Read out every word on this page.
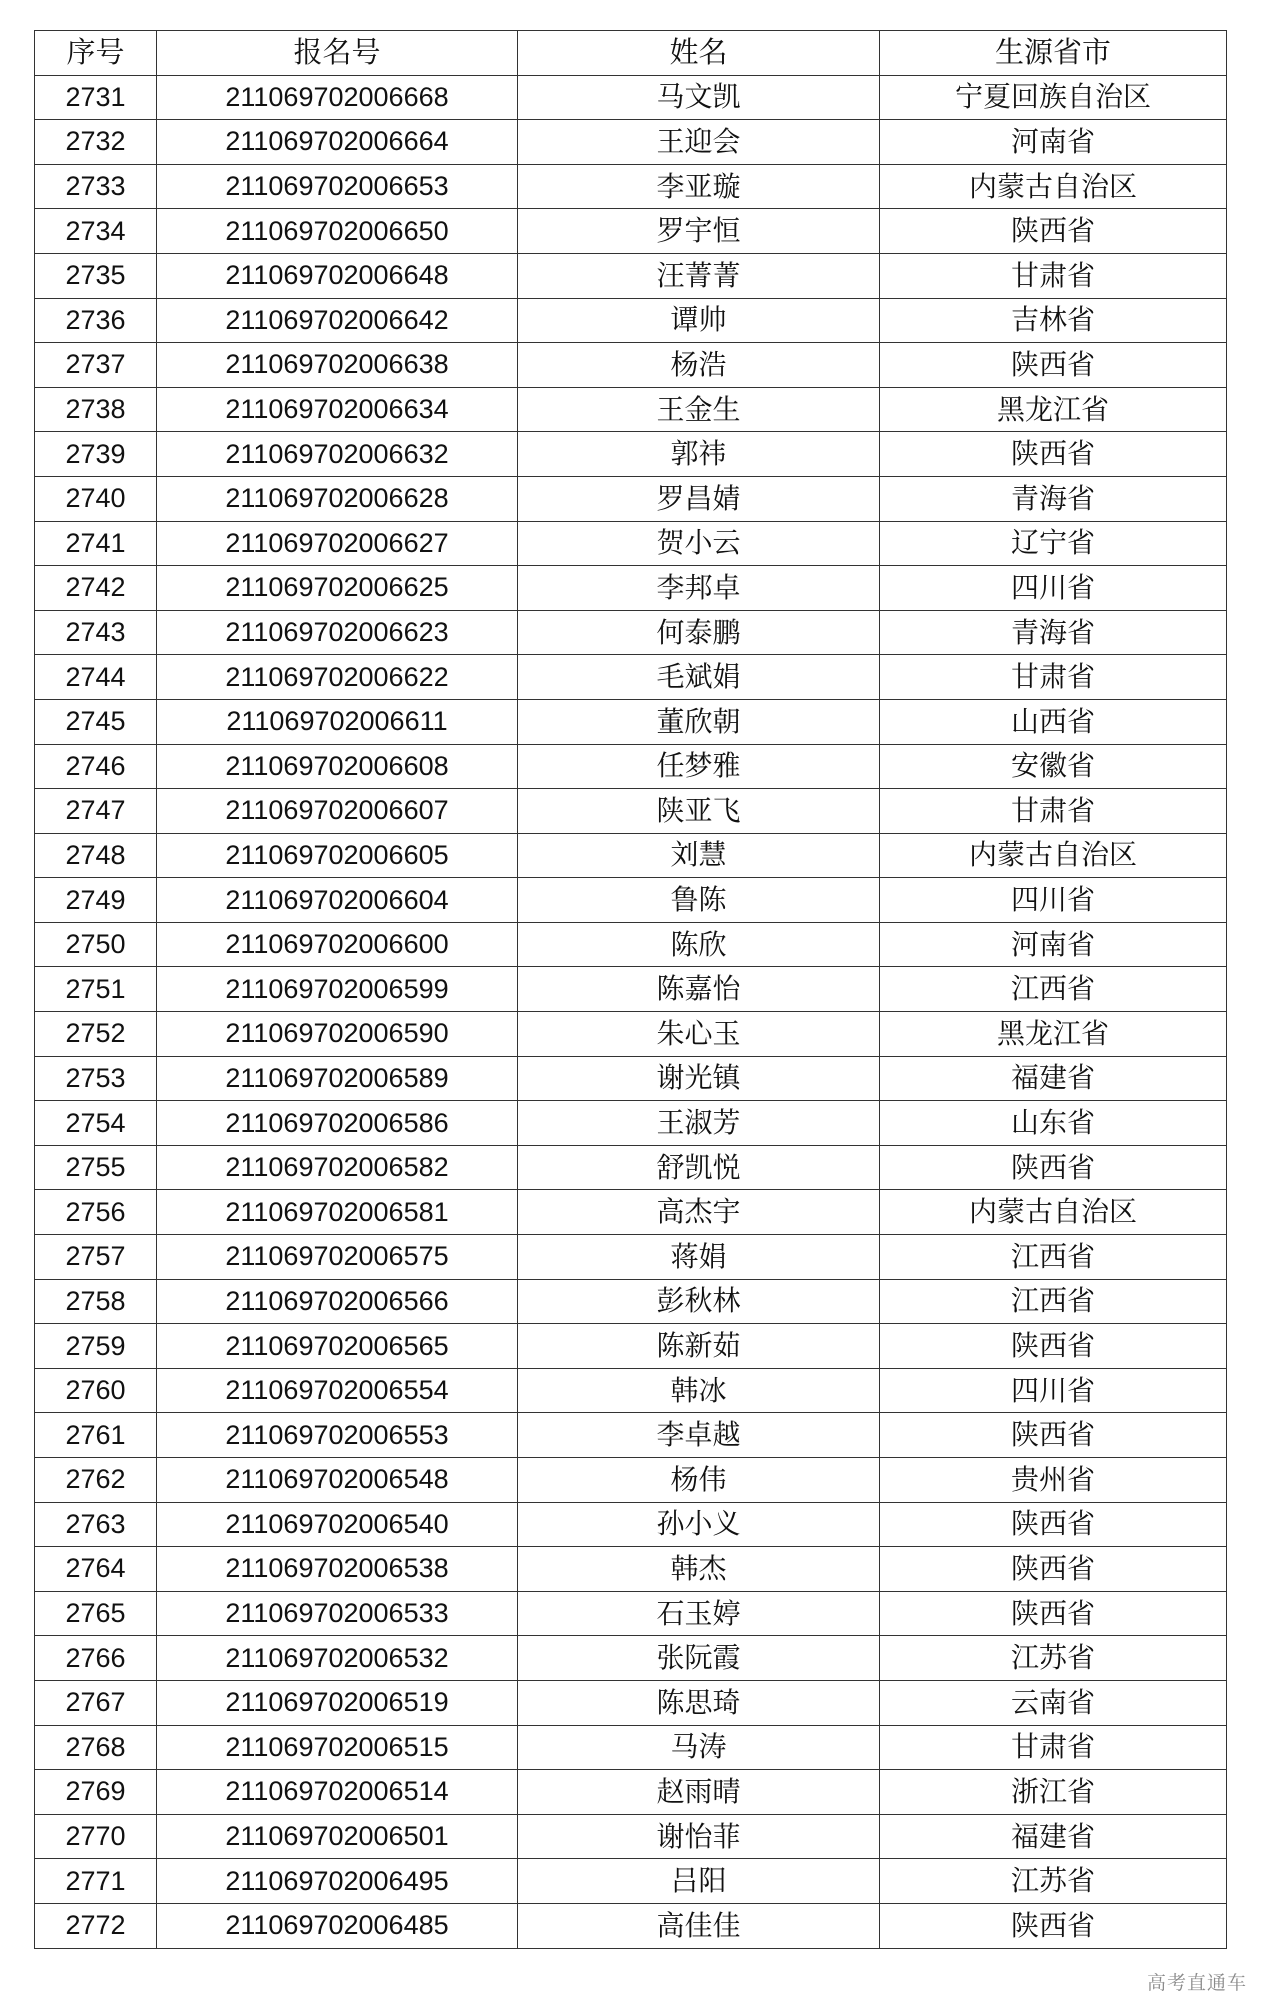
序号	报名号	姓名	生源省市
2731	211069702006668	马文凯	宁夏回族自治区
2732	211069702006664	王迎会	河南省
2733	211069702006653	李亚璇	内蒙古自治区
2734	211069702006650	罗宇恒	陕西省
2735	211069702006648	汪菁菁	甘肃省
2736	211069702006642	谭帅	吉林省
2737	211069702006638	杨浩	陕西省
2738	211069702006634	王金生	黑龙江省
2739	211069702006632	郭祎	陕西省
2740	211069702006628	罗昌婧	青海省
2741	211069702006627	贺小云	辽宁省
2742	211069702006625	李邦卓	四川省
2743	211069702006623	何泰鹏	青海省
2744	211069702006622	毛斌娟	甘肃省
2745	211069702006611	董欣朝	山西省
2746	211069702006608	任梦雅	安徽省
2747	211069702006607	陕亚飞	甘肃省
2748	211069702006605	刘慧	内蒙古自治区
2749	211069702006604	鲁陈	四川省
2750	211069702006600	陈欣	河南省
2751	211069702006599	陈嘉怡	江西省
2752	211069702006590	朱心玉	黑龙江省
2753	211069702006589	谢光镇	福建省
2754	211069702006586	王淑芳	山东省
2755	211069702006582	舒凯悦	陕西省
2756	211069702006581	高杰宇	内蒙古自治区
2757	211069702006575	蒋娟	江西省
2758	211069702006566	彭秋林	江西省
2759	211069702006565	陈新茹	陕西省
2760	211069702006554	韩冰	四川省
2761	211069702006553	李卓越	陕西省
2762	211069702006548	杨伟	贵州省
2763	211069702006540	孙小义	陕西省
2764	211069702006538	韩杰	陕西省
2765	211069702006533	石玉婷	陕西省
2766	211069702006532	张阮霞	江苏省
2767	211069702006519	陈思琦	云南省
2768	211069702006515	马涛	甘肃省
2769	211069702006514	赵雨晴	浙江省
2770	211069702006501	谢怡菲	福建省
2771	211069702006495	吕阳	江苏省
2772	211069702006485	高佳佳	陕西省
高考直通车
